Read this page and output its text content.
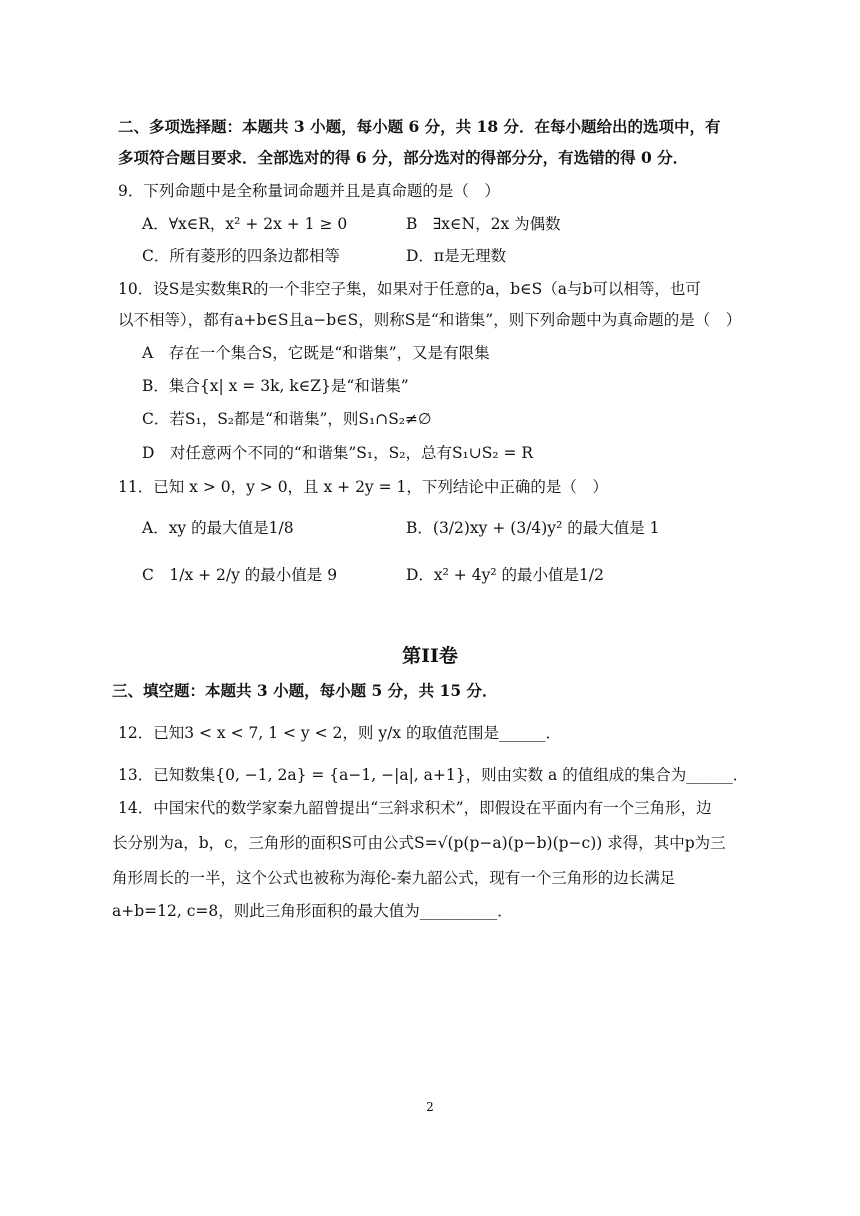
二、多项选择题：本题共 3 小题，每小题 6 分，共 18 分．在每小题给出的选项中，有
多项符合题目要求．全部选对的得 6 分，部分选对的得部分分，有选错的得 0 分．
9．下列命题中是全称量词命题并且是真命题的是（　）
A．∀x∈R，x² + 2x + 1 ≥ 0	B　∃x∈N，2x 为偶数
C．所有菱形的四条边都相等	D．π是无理数
10．设S是实数集R的一个非空子集，如果对于任意的a，b∈S（a与b可以相等，也可
以不相等），都有a+b∈S且a−b∈S，则称S是“和谐集”，则下列命题中为真命题的是（　）
A　存在一个集合S，它既是“和谐集”，又是有限集
B．集合{x| x = 3k, k∈Z}是“和谐集”
C．若S₁，S₂都是“和谐集”，则S₁∩S₂≠∅
D　对任意两个不同的“和谐集”S₁，S₂，总有S₁∪S₂ = R
11．已知 x > 0，y > 0，且 x + 2y = 1，下列结论中正确的是（　）
A．xy 的最大值是1/8	B．(3/2)xy + (3/4)y² 的最大值是 1
C　1/x + 2/y 的最小值是 9	D．x² + 4y² 的最小值是1/2
第II卷
三、填空题：本题共 3 小题，每小题 5 分，共 15 分．
12．已知3 < x < 7, 1 < y < 2，则 y/x 的取值范围是______．
13．已知数集{0, −1, 2a} = {a−1, −|a|, a+1}，则由实数 a 的值组成的集合为______．
14．中国宋代的数学家秦九韶曾提出“三斜求积术”，即假设在平面内有一个三角形，边
长分别为a，b，c，三角形的面积S可由公式S=√(p(p−a)(p−b)(p−c)) 求得，其中p为三
角形周长的一半，这个公式也被称为海伦-秦九韶公式，现有一个三角形的边长满足
a+b=12, c=8，则此三角形面积的最大值为__________．
2
